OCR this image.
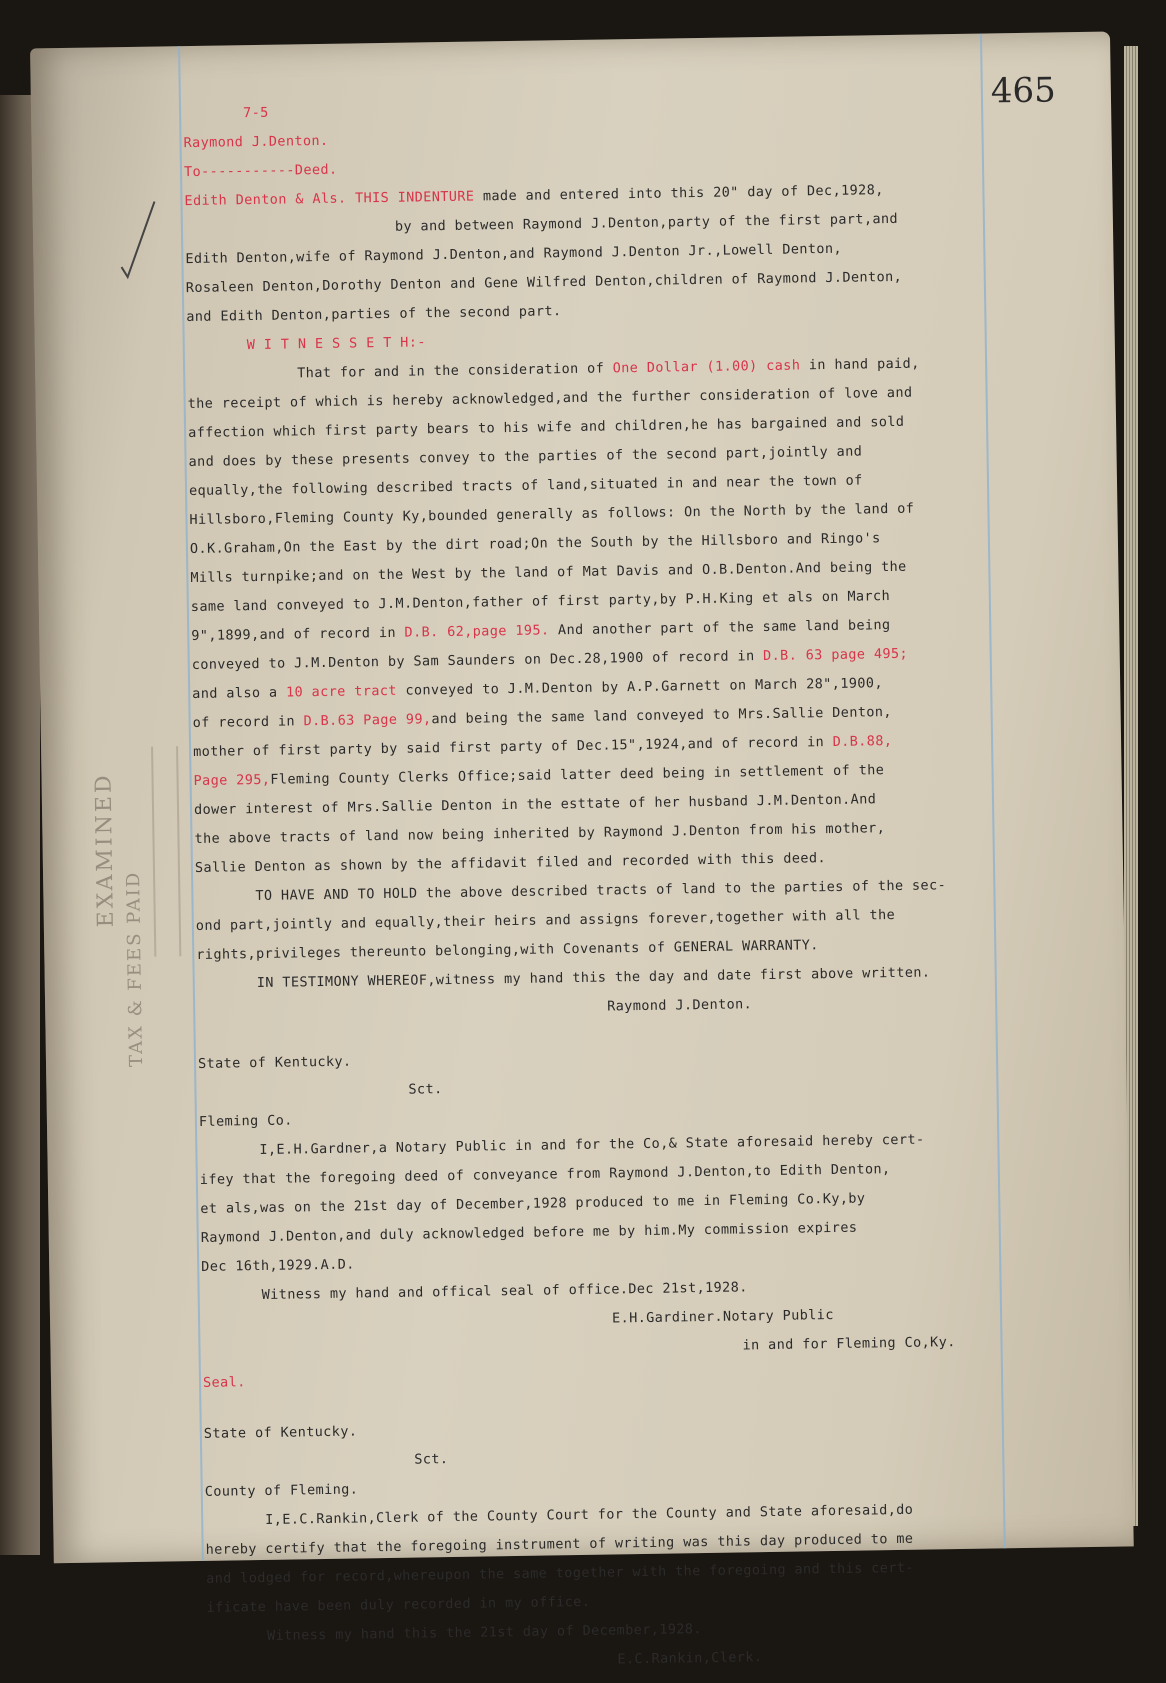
465
EXAMINED
TAX & FEES PAID
7-5
Raymond J.Denton.
To-----------Deed.
Edith Denton & Als. THIS INDENTURE made and entered into this 20" day of Dec,1928,
by and between Raymond J.Denton,party of the first part,and
Edith Denton,wife of Raymond J.Denton,and Raymond J.Denton Jr.,Lowell Denton,
Rosaleen Denton,Dorothy Denton and Gene Wilfred Denton,children of Raymond J.Denton,
and Edith Denton,parties of the second part.
W I T N E S S E T H:-
That for and in the consideration of One Dollar (1.00) cash in hand paid,
the receipt of which is hereby acknowledged,and the further consideration of love and
affection which first party bears to his wife and children,he has bargained and sold
and does by these presents convey to the parties of the second part,jointly and
equally,the following described tracts of land,situated in and near the town of
Hillsboro,Fleming County Ky,bounded generally as follows: On the North by the land of
O.K.Graham,On the East by the dirt road;On the South by the Hillsboro and Ringo's
Mills turnpike;and on the West by the land of Mat Davis and O.B.Denton.And being the
same land conveyed to J.M.Denton,father of first party,by P.H.King et als on March
9",1899,and of record in D.B. 62,page 195. And another part of the same land being
conveyed to J.M.Denton by Sam Saunders on Dec.28,1900 of record in D.B. 63 page 495;
and also a 10 acre tract conveyed to J.M.Denton by A.P.Garnett on March 28",1900,
of record in D.B.63 Page 99,and being the same land conveyed to Mrs.Sallie Denton,
mother of first party by said first party of Dec.15",1924,and of record in D.B.88,
Page 295,Fleming County Clerks Office;said latter deed being in settlement of the
dower interest of Mrs.Sallie Denton in the esttate of her husband J.M.Denton.And
the above tracts of land now being inherited by Raymond J.Denton from his mother,
Sallie Denton as shown by the affidavit filed and recorded with this deed.
TO HAVE AND TO HOLD the above described tracts of land to the parties of the sec-
ond part,jointly and equally,their heirs and assigns forever,together with all the
rights,privileges thereunto belonging,with Covenants of GENERAL WARRANTY.
IN TESTIMONY WHEREOF,witness my hand this the day and date first above written.
Raymond J.Denton.
State of Kentucky.
Sct.
Fleming Co.
I,E.H.Gardner,a Notary Public in and for the Co,& State aforesaid hereby cert-
ifey that the foregoing deed of conveyance from Raymond J.Denton,to Edith Denton,
et als,was on the 21st day of December,1928 produced to me in Fleming Co.Ky,by
Raymond J.Denton,and duly acknowledged before me by him.My commission expires
Dec 16th,1929.A.D.
Witness my hand and offical seal of office.Dec 21st,1928.
E.H.Gardiner.Notary Public
in and for Fleming Co,Ky.
Seal.
State of Kentucky.
Sct.
County of Fleming.
I,E.C.Rankin,Clerk of the County Court for the County and State aforesaid,do
hereby certify that the foregoing instrument of writing was this day produced to me
and lodged for record,whereupon the same together with the foregoing and this cert-
ificate have been duly recorded in my office.
Witness my hand this the 21st day of December,1928.
E.C.Rankin,Clerk.
